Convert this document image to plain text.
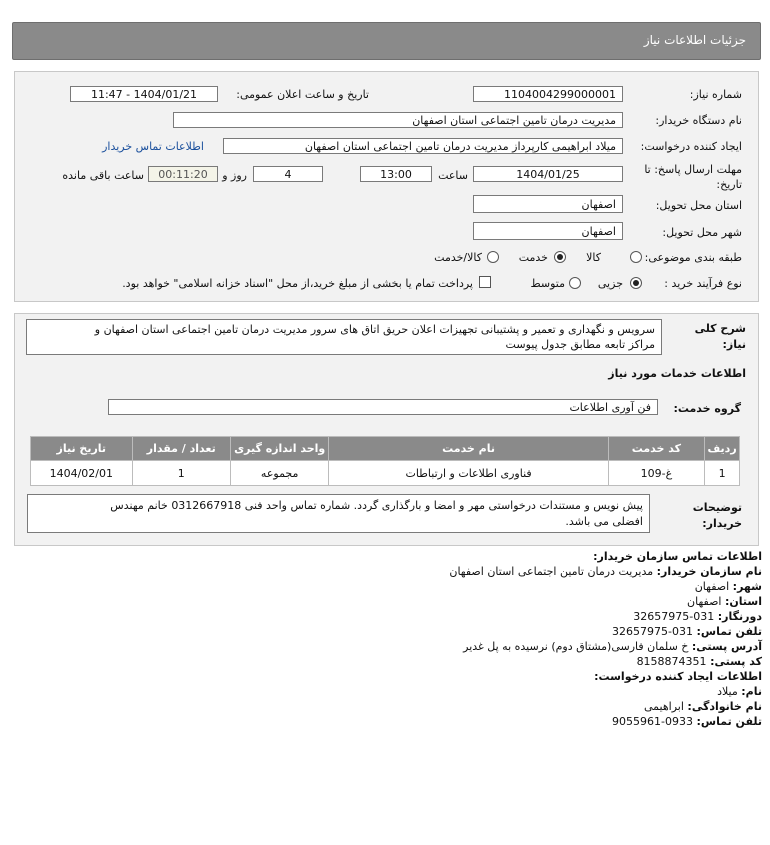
جزئیات اطلاعات نیاز
شماره نیاز:
1104004299000001
تاریخ و ساعت اعلان عمومی:
1404/01/21 - 11:47
نام دستگاه خریدار:
مدیریت درمان تامین اجتماعی استان اصفهان
ایجاد کننده درخواست:
میلاد ابراهیمی کارپرداز مدیریت درمان تامین اجتماعی استان اصفهان
اطلاعات تماس خریدار
مهلت ارسال پاسخ: تا
تاریخ:
1404/01/25
ساعت
13:00
4
روز و
00:11:20
ساعت باقی مانده
استان محل تحویل:
اصفهان
شهر محل تحویل:
اصفهان
طبقه بندی موضوعی:
کالا
خدمت
کالا/خدمت
نوع فرآیند خرید :
جزیی
متوسط
پرداخت تمام یا بخشی از مبلغ خرید،از محل "اسناد خزانه اسلامی" خواهد بود.
شرح کلی
نیاز:
سرویس و نگهداری و تعمیر و پشتیبانی تجهیزات اعلان حریق اتاق های سرور مدیریت درمان تامین اجتماعی استان اصفهان و
مراکز تابعه مطابق جدول پیوست
اطلاعات خدمات مورد نیاز
گروه خدمت:
فن آوری اطلاعات
ردیف	کد خدمت	نام خدمت	واحد اندازه گیری	تعداد / مقدار	تاریخ نیاز
1	غ-109	فناوری اطلاعات و ارتباطات	مجموعه	1	1404/02/01
توضیحات
خریدار:
پیش نویس و مستندات درخواستی مهر و امضا و بارگذاری گردد. شماره تماس واحد فنی 0312667918 خانم مهندس
افضلی می باشد.
اطلاعات تماس سازمان خریدار:
نام سازمان خریدار: مدیریت درمان تامین اجتماعی استان اصفهان
شهر: اصفهان
استان: اصفهان
دورنگار: 031-32657975
تلفن تماس: 031-32657975
آدرس پستی: خ سلمان فارسی(مشتاق دوم) نرسیده به پل غدیر
کد پستی: 8158874351
اطلاعات ایجاد کننده درخواست:
نام: میلاد
نام خانوادگی: ابراهیمی
تلفن تماس: 0933-9055961
